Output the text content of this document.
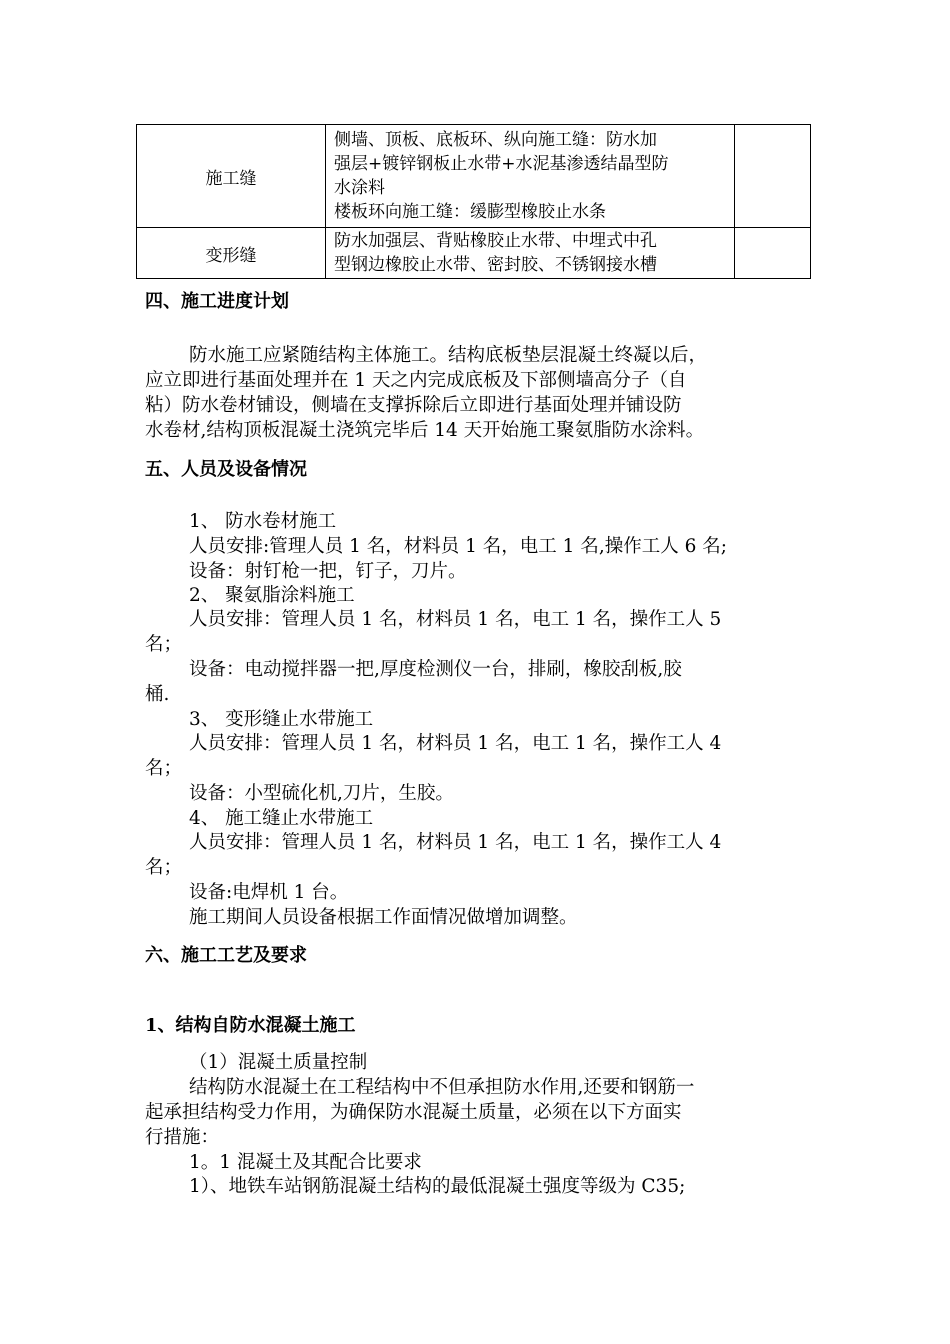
施工缝	侧墙、顶板、底板环、纵向施工缝：防水加
强层+镀锌钢板止水带+水泥基渗透结晶型防
水涂料
楼板环向施工缝：缓膨型橡胶止水条	

变形缝	防水加强层、背贴橡胶止水带、中埋式中孔
型钢边橡胶止水带、密封胶、不锈钢接水槽	

四、施工进度计划
防水施工应紧随结构主体施工。结构底板垫层混凝土终凝以后，
应立即进行基面处理并在 1 天之内完成底板及下部侧墙高分子（自
粘）防水卷材铺设，侧墙在支撑拆除后立即进行基面处理并铺设防
水卷材,结构顶板混凝土浇筑完毕后 14 天开始施工聚氨脂防水涂料。
五、人员及设备情况
1、 防水卷材施工
人员安排:管理人员 1 名，材料员 1 名，电工 1 名,操作工人 6 名;
设备：射钉枪一把，钉子，刀片。
2、 聚氨脂涂料施工
人员安排：管理人员 1 名，材料员 1 名，电工 1 名，操作工人 5
名；
设备：电动搅拌器一把,厚度检测仪一台，排刷，橡胶刮板,胶
桶.
3、 变形缝止水带施工
人员安排：管理人员 1 名，材料员 1 名，电工 1 名，操作工人 4
名；
设备：小型硫化机,刀片，生胶。
4、 施工缝止水带施工
人员安排：管理人员 1 名，材料员 1 名，电工 1 名，操作工人 4
名；
设备:电焊机 1 台。
施工期间人员设备根据工作面情况做增加调整。
六、施工工艺及要求
1、结构自防水混凝土施工
（1）混凝土质量控制
结构防水混凝土在工程结构中不但承担防水作用,还要和钢筋一
起承担结构受力作用，为确保防水混凝土质量，必须在以下方面实
行措施：
1。1 混凝土及其配合比要求
1）、地铁车站钢筋混凝土结构的最低混凝土强度等级为 C35;
